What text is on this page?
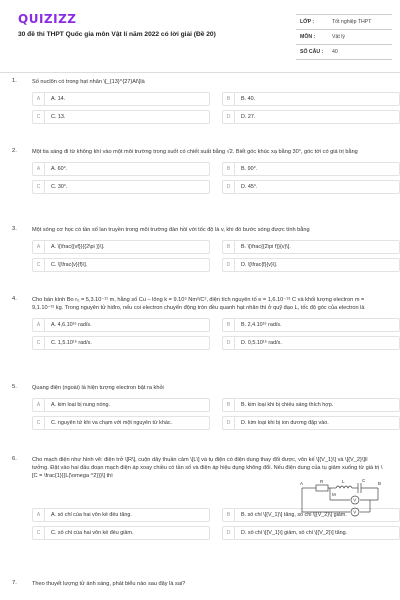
QUIZIZZ
30 đề thi THPT Quốc gia môn Vật lí năm 2022 có lời giải (Đề 20)
LỚP :	Tốt nghiệp THPT
MÔN :	Vật lý
SỐ CÂU :	40
1.	Số nuclôn có trong hạt nhân \[_{13}^{27}Al\]là
A	A. 14.	B	B. 40.
C	C. 13.	D	D. 27.
2.	Một tia sáng đi từ không khí vào một môi trường trong suốt có chiết suất bằng √2. Biết góc khúc xạ bằng 30°, góc tới có giá trị bằng
A	A. 60°.	B	B. 90°.
C	C. 30°.	D	D. 45°.
3.	Một sóng cơ học có tần số lan truyền trong môi trường đàn hồi với tốc độ là v, khi đó bước sóng được tính bằng
A	A. \[\frac{{vf}}{{2\pi }}\].	B	B. \[\frac{{2\pi f}}{v}\].
C	C. \[\frac{v}{f}\].	D	D. \[\frac{f}{v}\].
4.	Cho bán kính Bo r₀ = 5,3.10⁻¹¹ m, hằng số Cu – lông k = 9.10⁹ Nm²/C², điện tích nguyên tố e = 1,6.10⁻¹⁹ C và khối lượng electron m = 9,1.10⁻³¹ kg. Trong nguyên tử hiđro, nếu coi electron chuyển động tròn đều quanh hạt nhân thì ở quỹ đạo L, tốc độ góc của electron là
A	A. 4,6.10¹⁶ rad/s.	B	B. 2,4.10¹⁶ rad/s.
C	C. 1,5.10¹⁶ rad/s.	D	D. 0,5.10¹⁶ rad/s.
5.	Quang điện (ngoài) là hiện tượng electron bật ra khỏi
A	A. kim loại bị nung nóng.	B	B. kim loại khi bị chiếu sáng thích hợp.
C	C. nguyên tử khi va chạm với một nguyên tử khác.	D	D. kim loại khi bị ion dương đập vào.
6.	Cho mạch điện như hình vẽ: điện trở \[R\], cuộn dây thuần cảm \[L\] và tụ điện có điện dung thay đổi được, vôn kế \[{V_1}\] và \[{V_2}\]lí tưởng. Đặt vào hai đầu đoạn mạch điện áp xoay chiều có tần số và điện áp hiệu dụng không đổi. Nếu điện dung của tụ giảm xuống từ giá trị \[C = \frac{1}{{L{\omega ^2}}}\] thì
R	L	C
A
M
B
V
V
A	A. số chỉ của hai vôn kế đều tăng.	B	B. số chỉ \[{V_1}\] tăng, số chỉ \[{V_2}\] giảm.
C	C. số chỉ của hai vôn kế đều giảm.	D	D. số chỉ \[{V_1}\] giảm, số chỉ \[{V_2}\] tăng.
7.	Theo thuyết lượng tử ánh sáng, phát biểu nào sau đây là sai?
